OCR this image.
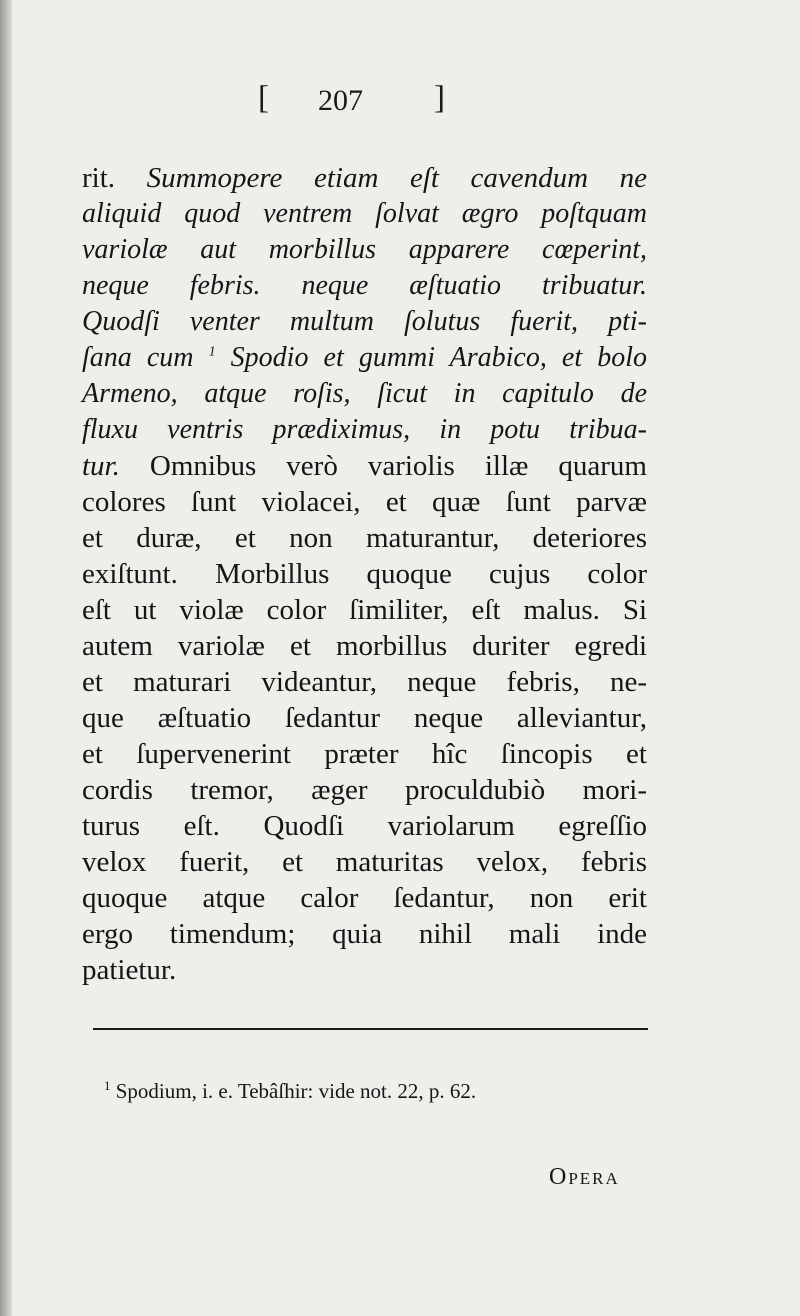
[ 207 ]
rit. Summopere etiam eſt cavendum ne
aliquid quod ventrem ſolvat ægro poſtquam
variolæ aut morbillus apparere cœperint,
neque febris. neque æſtuatio tribuatur.
Quodſi venter multum ſolutus fuerit, pti-
ſana cum $^1$ Spodio et gummi Arabico, et bolo
Armeno, atque roſis, ſicut in capitulo de
fluxu ventris prædiximus, in potu tribua-
tur. Omnibus verò variolis illæ quarum
colores ſunt violacei, et quæ ſunt parvæ
et duræ, et non maturantur, deteriores
exiſtunt. Morbillus quoque cujus color
eſt ut violæ color ſimiliter, eſt malus. Si
autem variolæ et morbillus duriter egredi
et maturari videantur, neque febris, ne-
que æſtuatio ſedantur neque alleviantur,
et ſupervenerint præter hîc ſincopis et
cordis tremor, æger proculdubiò mori-
turus eſt. Quodſi variolarum egreſſio
velox fuerit, et maturitas velox, febris
quoque atque calor ſedantur, non erit
ergo timendum; quia nihil mali inde
patietur.
$^1$ Spodium, i. e. Tebâſhir: vide not. 22, p. 62.
Opera
